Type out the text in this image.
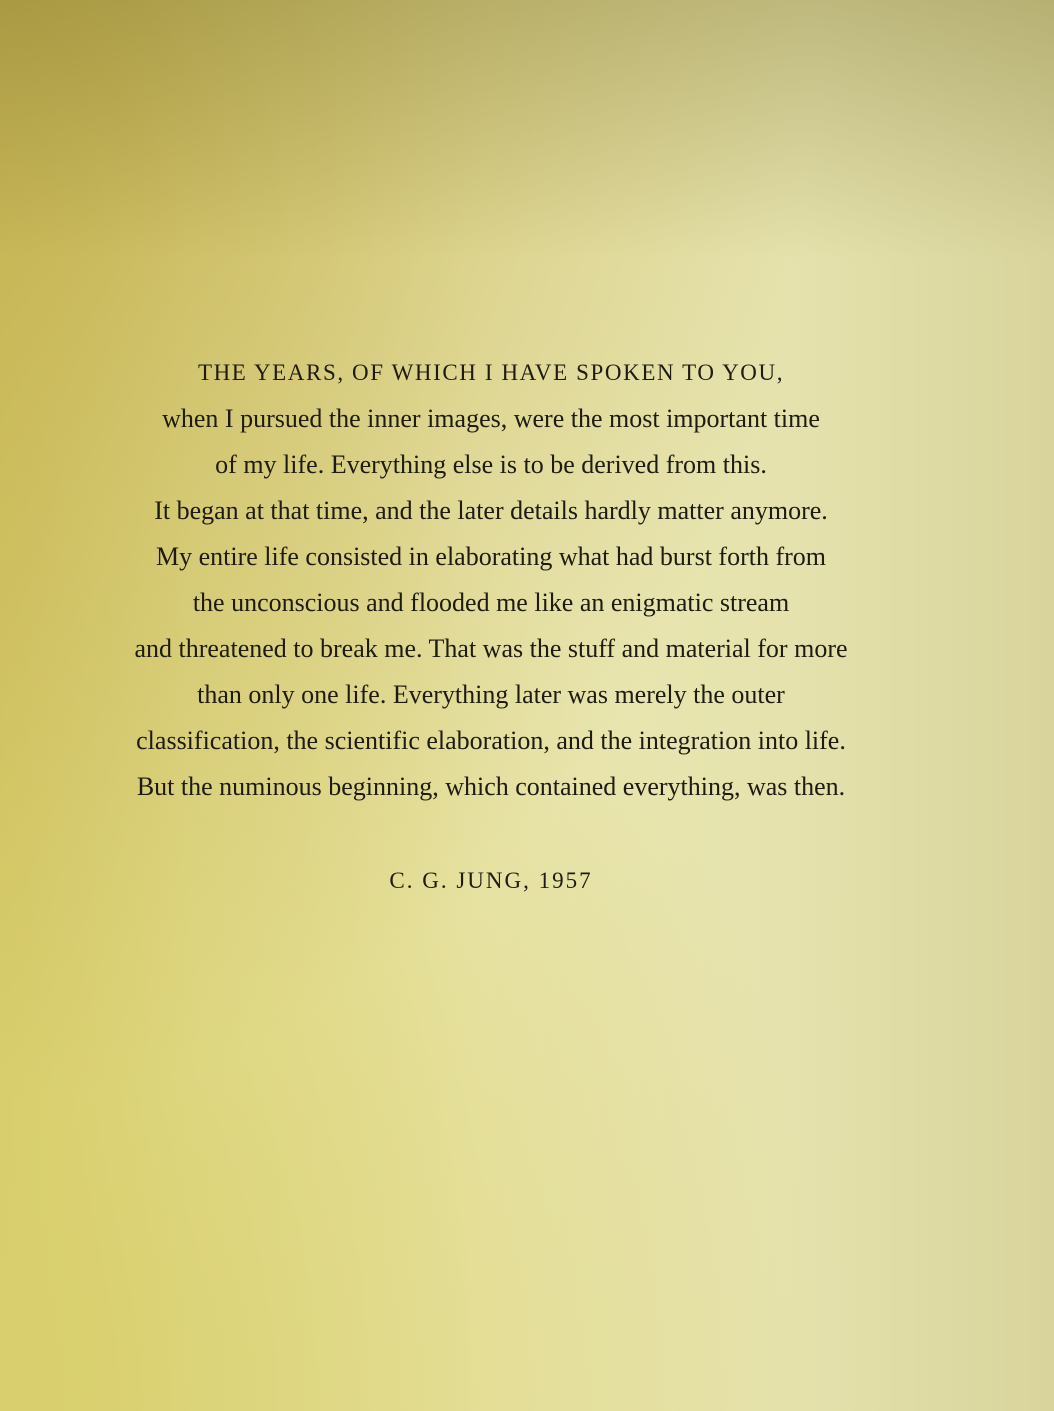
THE YEARS, OF WHICH I HAVE SPOKEN TO YOU,
when I pursued the inner images, were the most important time
of my life. Everything else is to be derived from this.
It began at that time, and the later details hardly matter anymore.
My entire life consisted in elaborating what had burst forth from
the unconscious and flooded me like an enigmatic stream
and threatened to break me. That was the stuff and material for more
than only one life. Everything later was merely the outer
classification, the scientific elaboration, and the integration into life.
But the numinous beginning, which contained everything, was then.
C. G. JUNG, 1957
